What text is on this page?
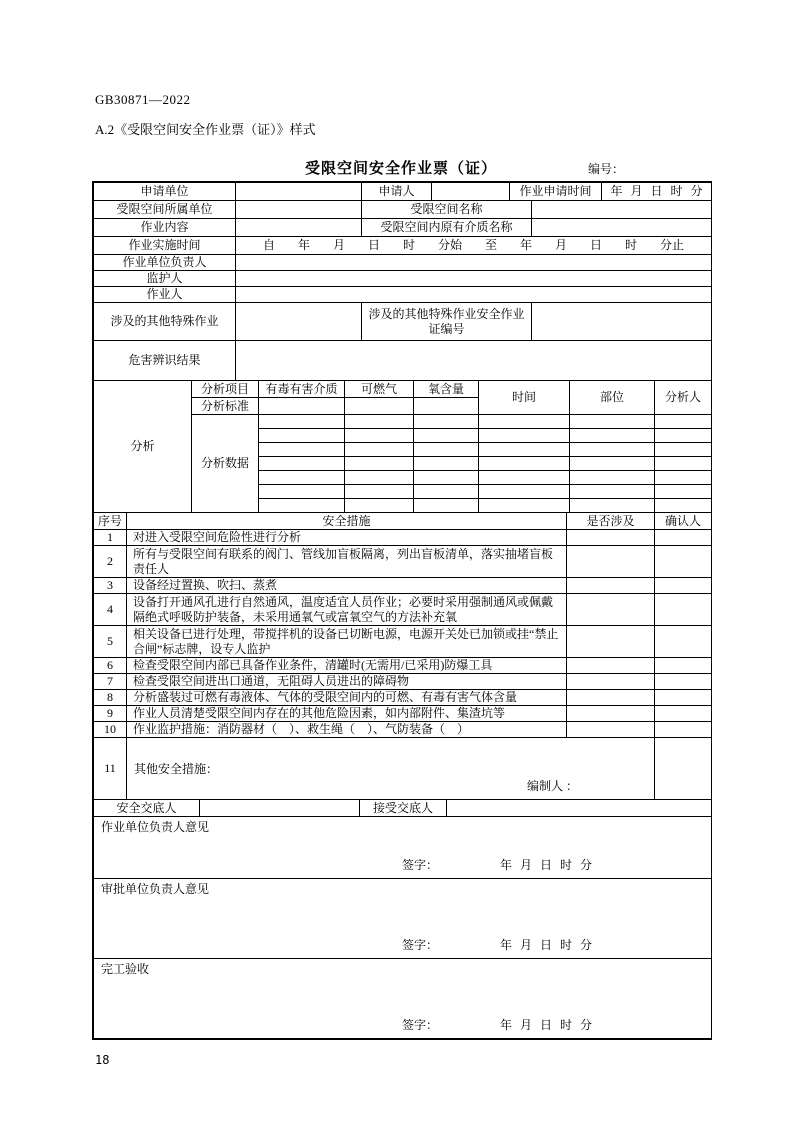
GB30871—2022
A.2《受限空间安全作业票（证）》样式
受限空间安全作业票（证）	编号：
申请单位		申请人		作业申请时间		年 月 日 时 分
受限空间所属单位		受限空间名称				
作业内容		受限空间内原有介质名称				
作业实施时间	自 年 月 日 时 分始 至 年 月 日 时 分止					
作业单位负责人						
监护人						
作业人						
涉及的其他特殊作业		涉及的其他特殊作业安全作业证编号				
危害辨识结果						
分析	分析项目	有毒有害介质	可燃气	氧含量	时间	部位	分析人
	分析标准						
	分析数据						

序号	安全措施	是否涉及	确认人
1	对进入受限空间危险性进行分析		
2	所有与受限空间有联系的阀门、管线加盲板隔离，列出盲板清单，落实抽堵盲板责任人		
3	设备经过置换、吹扫、蒸煮		
4	设备打开通风孔进行自然通风，温度适宜人员作业；必要时采用强制通风或佩戴隔绝式呼吸防护装备，未采用通氧气或富氧空气的方法补充氧		
5	相关设备已进行处理，带搅拌机的设备已切断电源，电源开关处已加锁或挂“禁止合闸”标志牌，设专人监护		
6	检查受限空间内部已具备作业条件，清罐时(无需用/已采用)防爆工具		
7	检查受限空间进出口通道，无阻碍人员进出的障碍物		
8	分析盛装过可燃有毒液体、气体的受限空间内的可燃、有毒有害气体含量		
9	作业人员清楚受限空间内存在的其他危险因素，如内部附件、集渣坑等		
10	作业监护措施：消防器材（　）、救生绳（　）、气防装备（　）		
11	其他安全措施：
编制人 ：		

安全交底人		接受交底人	
作业单位负责人意见
签字：	年 月 日 时 分

审批单位负责人意见
签字：	年 月 日 时 分

完工验收
签字：	年 月 日 时 分
18
